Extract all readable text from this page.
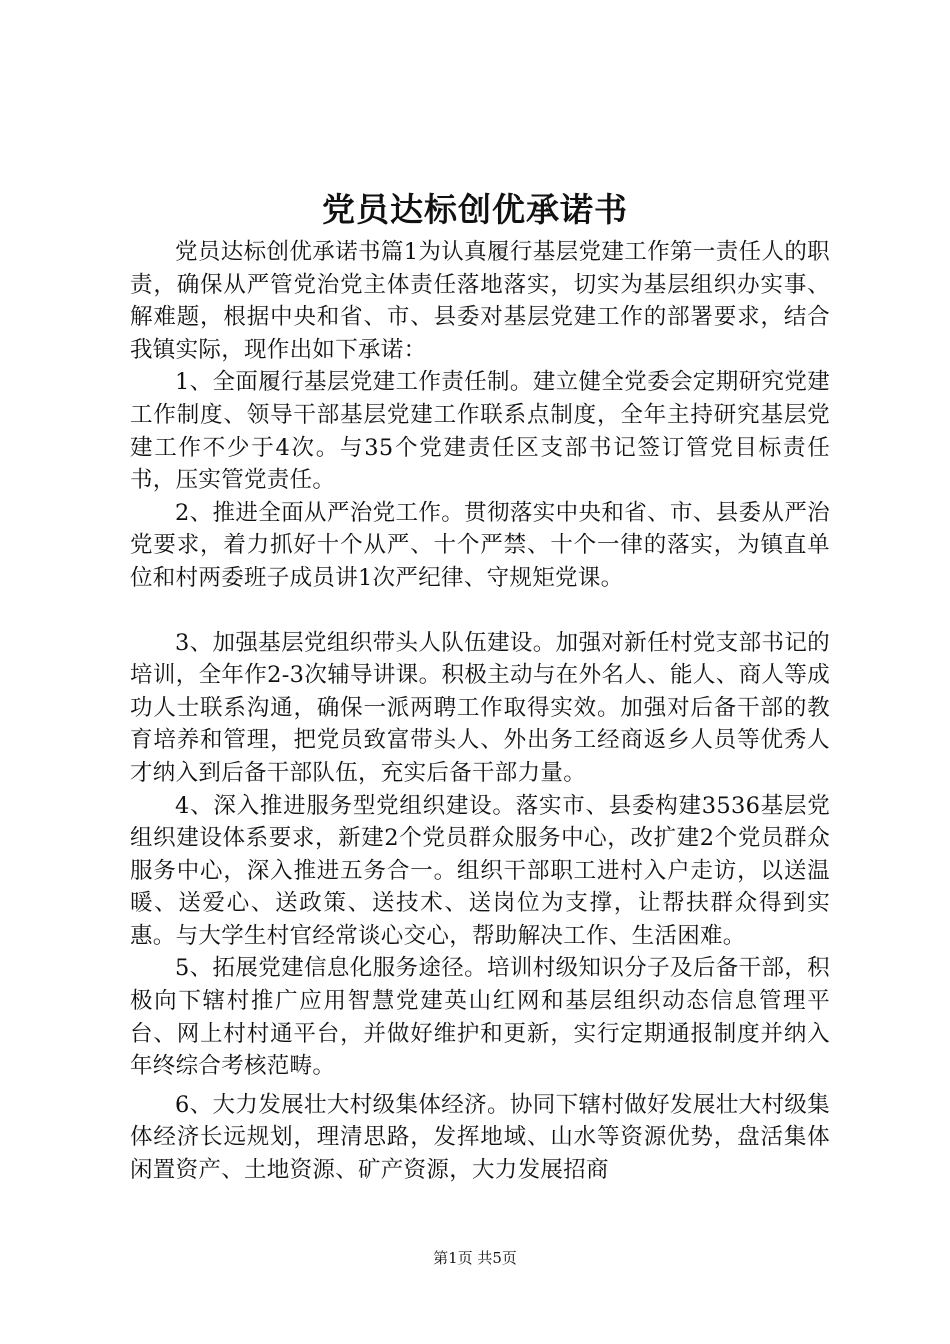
党员达标创优承诺书

党员达标创优承诺书篇1为认真履行基层党建工作第一责任人的职责，确保从严管党治党主体责任落地落实，切实为基层组织办实事、解难题，根据中央和省、市、县委对基层党建工作的部署要求，结合我镇实际，现作出如下承诺：

1、全面履行基层党建工作责任制。建立健全党委会定期研究党建工作制度、领导干部基层党建工作联系点制度，全年主持研究基层党建工作不少于4次。与35个党建责任区支部书记签订管党目标责任书，压实管党责任。

2、推进全面从严治党工作。贯彻落实中央和省、市、县委从严治党要求，着力抓好十个从严、十个严禁、十个一律的落实，为镇直单位和村两委班子成员讲1次严纪律、守规矩党课。

3、加强基层党组织带头人队伍建设。加强对新任村党支部书记的培训，全年作2-3次辅导讲课。积极主动与在外名人、能人、商人等成功人士联系沟通，确保一派两聘工作取得实效。加强对后备干部的教育培养和管理，把党员致富带头人、外出务工经商返乡人员等优秀人才纳入到后备干部队伍，充实后备干部力量。

4、深入推进服务型党组织建设。落实市、县委构建3536基层党组织建设体系要求，新建2个党员群众服务中心，改扩建2个党员群众服务中心，深入推进五务合一。组织干部职工进村入户走访，以送温暖、送爱心、送政策、送技术、送岗位为支撑，让帮扶群众得到实惠。与大学生村官经常谈心交心，帮助解决工作、生活困难。

5、拓展党建信息化服务途径。培训村级知识分子及后备干部，积极向下辖村推广应用智慧党建英山红网和基层组织动态信息管理平台、网上村村通平台，并做好维护和更新，实行定期通报制度并纳入年终综合考核范畴。

6、大力发展壮大村级集体经济。协同下辖村做好发展壮大村级集体经济长远规划，理清思路，发挥地域、山水等资源优势，盘活集体闲置资产、土地资源、矿产资源，大力发展招商

第1页 共5页
